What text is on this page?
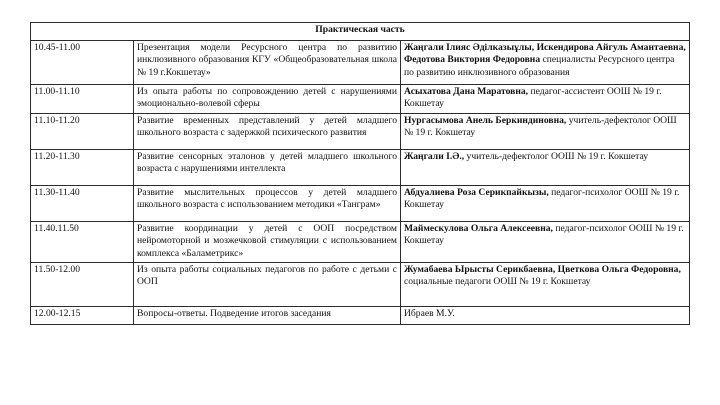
Практическая часть		
10.45-11.00	Презентация модели Ресурсного центра по развитию инклюзивного образования КГУ «Общеобразовательная школа № 19 г.Кокшетау»	Жаңгали Ілияс Әділказыұлы, Искендирова Айгуль Амантаевна, Федотова Виктория Федоровна специалисты Ресурсного центра по развитию инклюзивного образования
11.00-11.10	Из опыта работы по сопровождению детей с нарушениями эмоционально-волевой сферы	Асыхатова Дана Маратовна, педагог-ассистент ООШ № 19 г. Кокшетау
11.10-11.20	Развитие временных представлений у детей младшего школьного возраста с задержкой психического развития	Нургасымова Анель Беркиндиновна, учитель-дефектолог ООШ № 19 г. Кокшетау
11.20-11.30	Развитие сенсорных эталонов у детей младшего школьного возраста с нарушениями интеллекта	Жаңгали І.Ә., учитель-дефектолог ООШ № 19 г. Кокшетау
11.30-11.40	Развитие мыслительных процессов у детей младшего школьного возраста с использованием методики «Танграм»	Абдуалиева Роза Серикпайкызы, педагог-психолог ООШ № 19 г. Кокшетау
11.40.11.50	Развитие координации у детей с ООП посредством нейромоторной и мозжечковой стимуляции с использованием комплекса «Баламетрикс»	Маймескулова Ольга Алексеевна, педагог-психолог ООШ № 19 г. Кокшетау
11.50-12.00	Из опыта работы социальных педагогов по работе с детьми с ООП	Жумабаева Ырысты Серикбаевна, Цветкова Ольга Федоровна, социальные педагоги ООШ № 19 г. Кокшетау
12.00-12.15	Вопросы-ответы. Подведение итогов заседания	Ибраев М.У.
